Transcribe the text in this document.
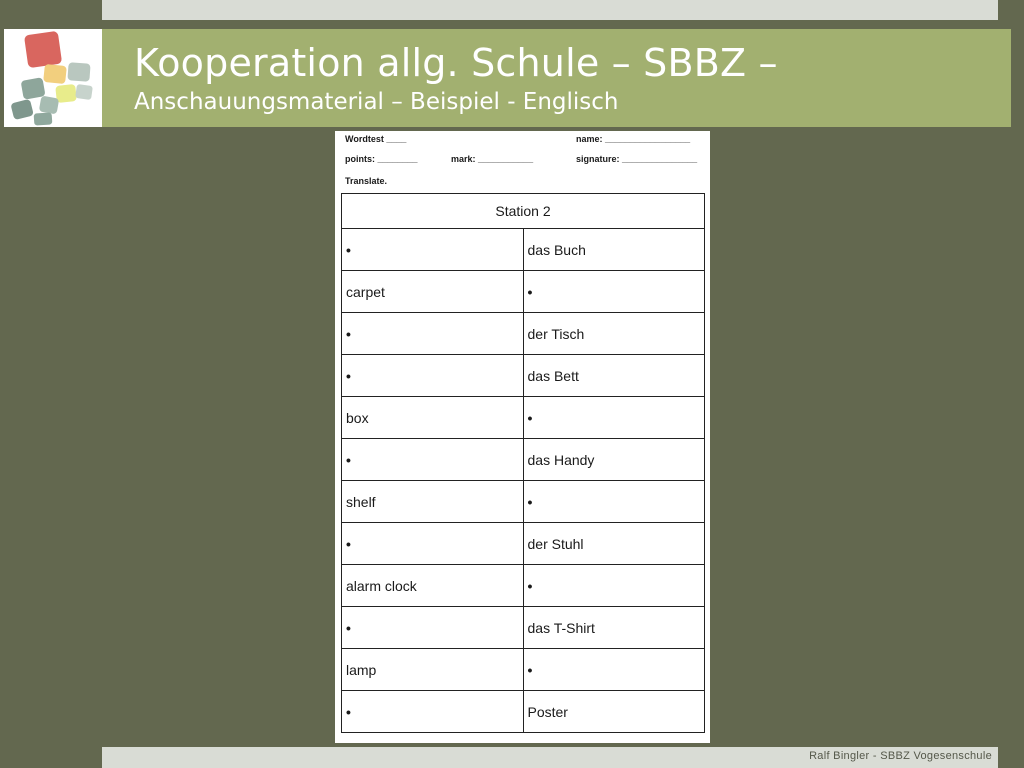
Kooperation allg. Schule – SBBZ –
Anschauungsmaterial – Beispiel - Englisch
Wordtest ____	name: _________________
points: ________	mark: ___________	signature: _______________
Translate.
Station 2	
•	das Buch
carpet	•
•	der Tisch
•	das Bett
box	•
•	das Handy
shelf	•
•	der Stuhl
alarm clock	•
•	das T-Shirt
lamp	•
•	Poster
Ralf Bingler - SBBZ Vogesenschule
